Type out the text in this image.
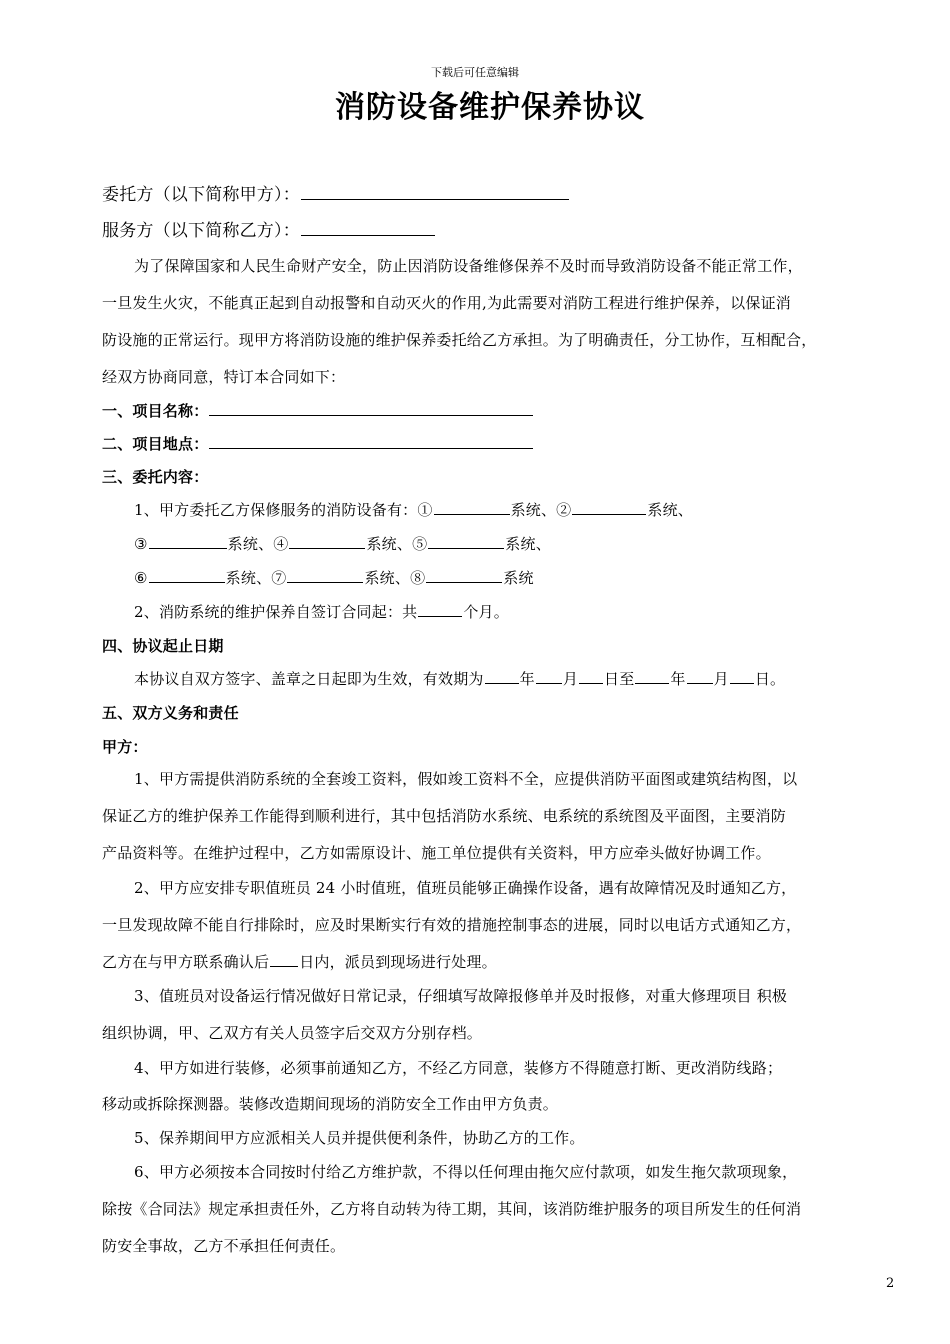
下载后可任意编辑
消防设备维护保养协议
委托方（以下简称甲方）：
服务方（以下简称乙方）：
为了保障国家和人民生命财产安全，防止因消防设备维修保养不及时而导致消防设备不能正常工作，
一旦发生火灾，不能真正起到自动报警和自动灭火的作用,为此需要对消防工程进行维护保养，以保证消
防设施的正常运行。现甲方将消防设施的维护保养委托给乙方承担。为了明确责任，分工协作，互相配合，
经双方协商同意，特订本合同如下：
一、项目名称：
二、项目地点：
三、委托内容：
1、甲方委托乙方保修服务的消防设备有：①	系统、②	系统、
③	系统、④	系统、⑤	系统、
⑥	系统、⑦	系统、⑧	系统
2、消防系统的维护保养自签订合同起：共	个月。
四、协议起止日期
本协议自双方签字、盖章之日起即为生效，有效期为 年 月 日至 年 月 日。
五、双方义务和责任
甲方：
1、甲方需提供消防系统的全套竣工资料，假如竣工资料不全，应提供消防平面图或建筑结构图，以
保证乙方的维护保养工作能得到顺利进行，其中包括消防水系统、电系统的系统图及平面图，主要消防
产品资料等。在维护过程中，乙方如需原设计、施工单位提供有关资料，甲方应牵头做好协调工作。
2、甲方应安排专职值班员 24 小时值班，值班员能够正确操作设备，遇有故障情况及时通知乙方，
一旦发现故障不能自行排除时，应及时果断实行有效的措施控制事态的进展，同时以电话方式通知乙方，
乙方在与甲方联系确认后 日内，派员到现场进行处理。
3、值班员对设备运行情况做好日常记录，仔细填写故障报修单并及时报修，对重大修理项目 积极
组织协调，甲、乙双方有关人员签字后交双方分别存档。
4、甲方如进行装修，必须事前通知乙方，不经乙方同意，装修方不得随意打断、更改消防线路；
移动或拆除探测器。装修改造期间现场的消防安全工作由甲方负责。
5、保养期间甲方应派相关人员并提供便利条件，协助乙方的工作。
6、甲方必须按本合同按时付给乙方维护款，不得以任何理由拖欠应付款项，如发生拖欠款项现象，
除按《合同法》规定承担责任外，乙方将自动转为待工期，其间，该消防维护服务的项目所发生的任何消
防安全事故，乙方不承担任何责任。
2
